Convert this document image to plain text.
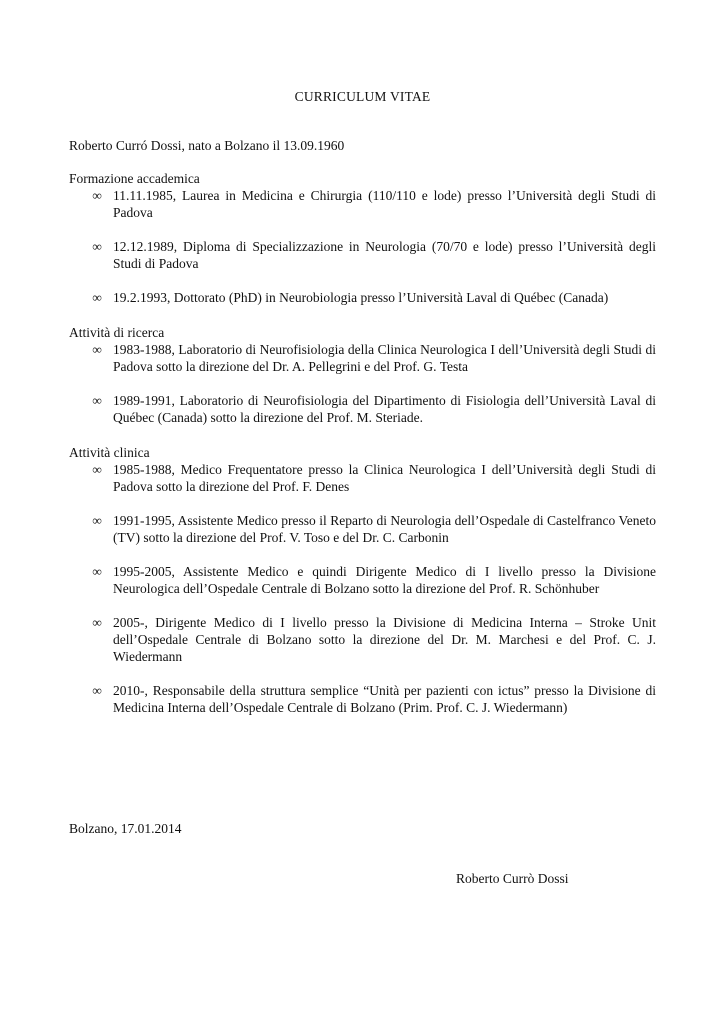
CURRICULUM VITAE
Roberto Curró Dossi, nato a Bolzano il 13.09.1960

Formazione accademica

∞ 11.11.1985, Laurea in Medicina e Chirurgia (110/110 e lode) presso l’Università degli Studi di Padova
∞ 12.12.1989, Diploma di Specializzazione in Neurologia (70/70 e lode) presso l’Università degli Studi di Padova
∞ 19.2.1993, Dottorato (PhD) in Neurobiologia presso l’Università Laval di Québec (Canada)

Attività di ricerca

∞ 1983-1988, Laboratorio di Neurofisiologia della Clinica Neurologica I dell’Università degli Studi di Padova sotto la direzione del Dr. A. Pellegrini e del Prof. G. Testa
∞ 1989-1991, Laboratorio di Neurofisiologia del Dipartimento di Fisiologia dell’Università Laval di Québec (Canada) sotto la direzione del Prof. M. Steriade.

Attività clinica

∞ 1985-1988, Medico Frequentatore presso la Clinica Neurologica I dell’Università degli Studi di Padova sotto la direzione del Prof. F. Denes
∞ 1991-1995, Assistente Medico presso il Reparto di Neurologia dell’Ospedale di Castelfranco Veneto (TV) sotto la direzione del Prof. V. Toso e del Dr. C. Carbonin
∞ 1995-2005, Assistente Medico e quindi Dirigente Medico di I livello presso la Divisione Neurologica dell’Ospedale Centrale di Bolzano sotto la direzione del Prof. R. Schönhuber
∞ 2005-, Dirigente Medico di I livello presso la Divisione di Medicina Interna – Stroke Unit dell’Ospedale Centrale di Bolzano sotto la direzione del Dr. M. Marchesi e del Prof. C. J. Wiedermann
∞ 2010-, Responsabile della struttura semplice “Unità per pazienti con ictus” presso la Divisione di Medicina Interna dell’Ospedale Centrale di Bolzano (Prim. Prof. C. J. Wiedermann)
Bolzano, 17.01.2014
Roberto Currò Dossi
